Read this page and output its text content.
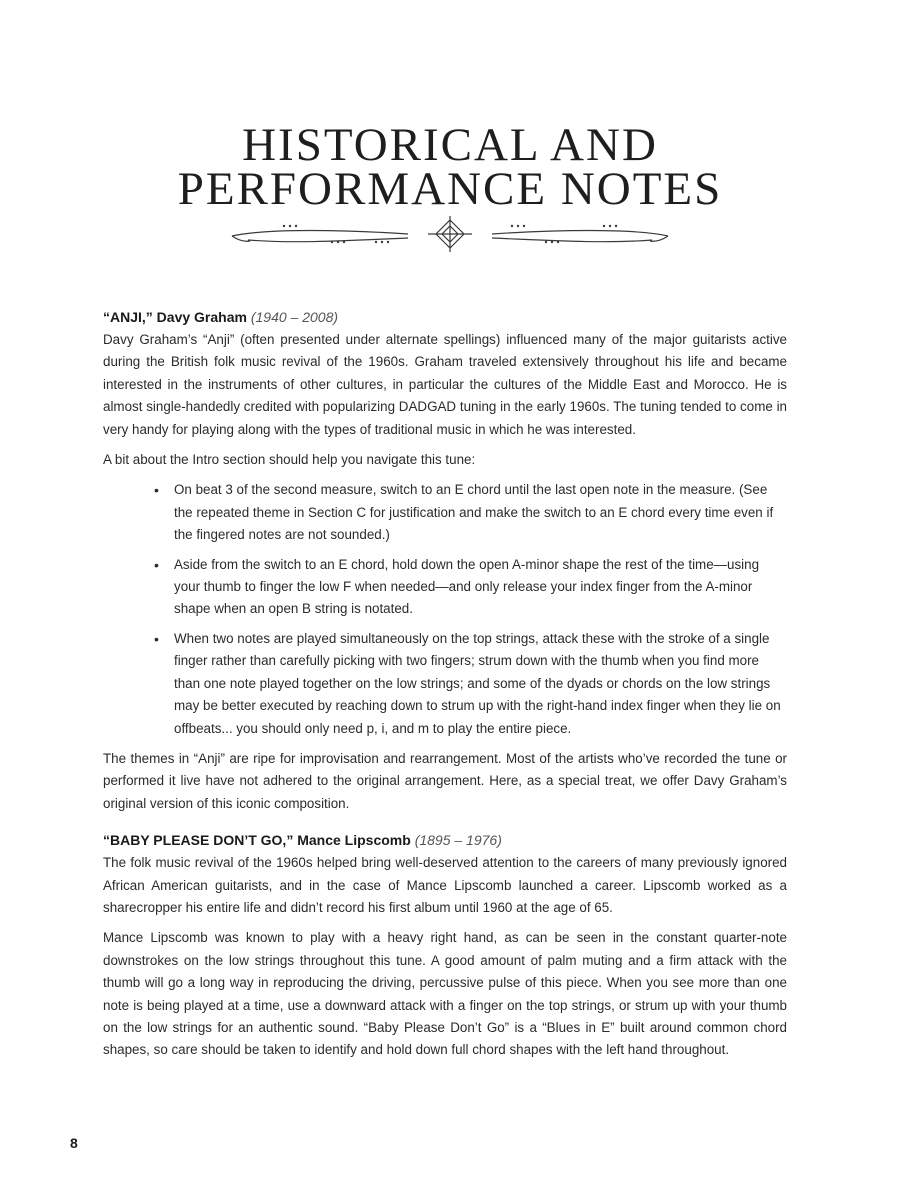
HISTORICAL AND
PERFORMANCE NOTES
“ANJI,” Davy Graham (1940 – 2008)

Davy Graham’s “Anji” (often presented under alternate spellings) influenced many of the major guitarists active during the British folk music revival of the 1960s. Graham traveled extensively throughout his life and became interested in the instruments of other cultures, in particular the cultures of the Middle East and Morocco. He is almost single-handedly credited with popularizing DADGAD tuning in the early 1960s. The tuning tended to come in very handy for playing along with the types of traditional music in which he was interested.

A bit about the Intro section should help you navigate this tune:

• On beat 3 of the second measure, switch to an E chord until the last open note in the measure. (See the repeated theme in Section C for justification and make the switch to an E chord every time even if the fingered notes are not sounded.)
• Aside from the switch to an E chord, hold down the open A-minor shape the rest of the time—using your thumb to finger the low F when needed—and only release your index finger from the A-minor shape when an open B string is notated.
• When two notes are played simultaneously on the top strings, attack these with the stroke of a single finger rather than carefully picking with two fingers; strum down with the thumb when you find more than one note played together on the low strings; and some of the dyads or chords on the low strings may be better executed by reaching down to strum up with the right-hand index finger when they lie on offbeats... you should only need p, i, and m to play the entire piece.

The themes in “Anji” are ripe for improvisation and rearrangement. Most of the artists who’ve recorded the tune or performed it live have not adhered to the original arrangement. Here, as a special treat, we offer Davy Graham’s original version of this iconic composition.

“BABY PLEASE DON’T GO,” Mance Lipscomb (1895 – 1976)

The folk music revival of the 1960s helped bring well-deserved attention to the careers of many previously ignored African American guitarists, and in the case of Mance Lipscomb launched a career. Lipscomb worked as a sharecropper his entire life and didn’t record his first album until 1960 at the age of 65.

Mance Lipscomb was known to play with a heavy right hand, as can be seen in the constant quarter-note downstrokes on the low strings throughout this tune. A good amount of palm muting and a firm attack with the thumb will go a long way in reproducing the driving, percussive pulse of this piece. When you see more than one note is being played at a time, use a downward attack with a finger on the top strings, or strum up with your thumb on the low strings for an authentic sound. “Baby Please Don’t Go” is a “Blues in E” built around common chord shapes, so care should be taken to identify and hold down full chord shapes with the left hand throughout.

8
